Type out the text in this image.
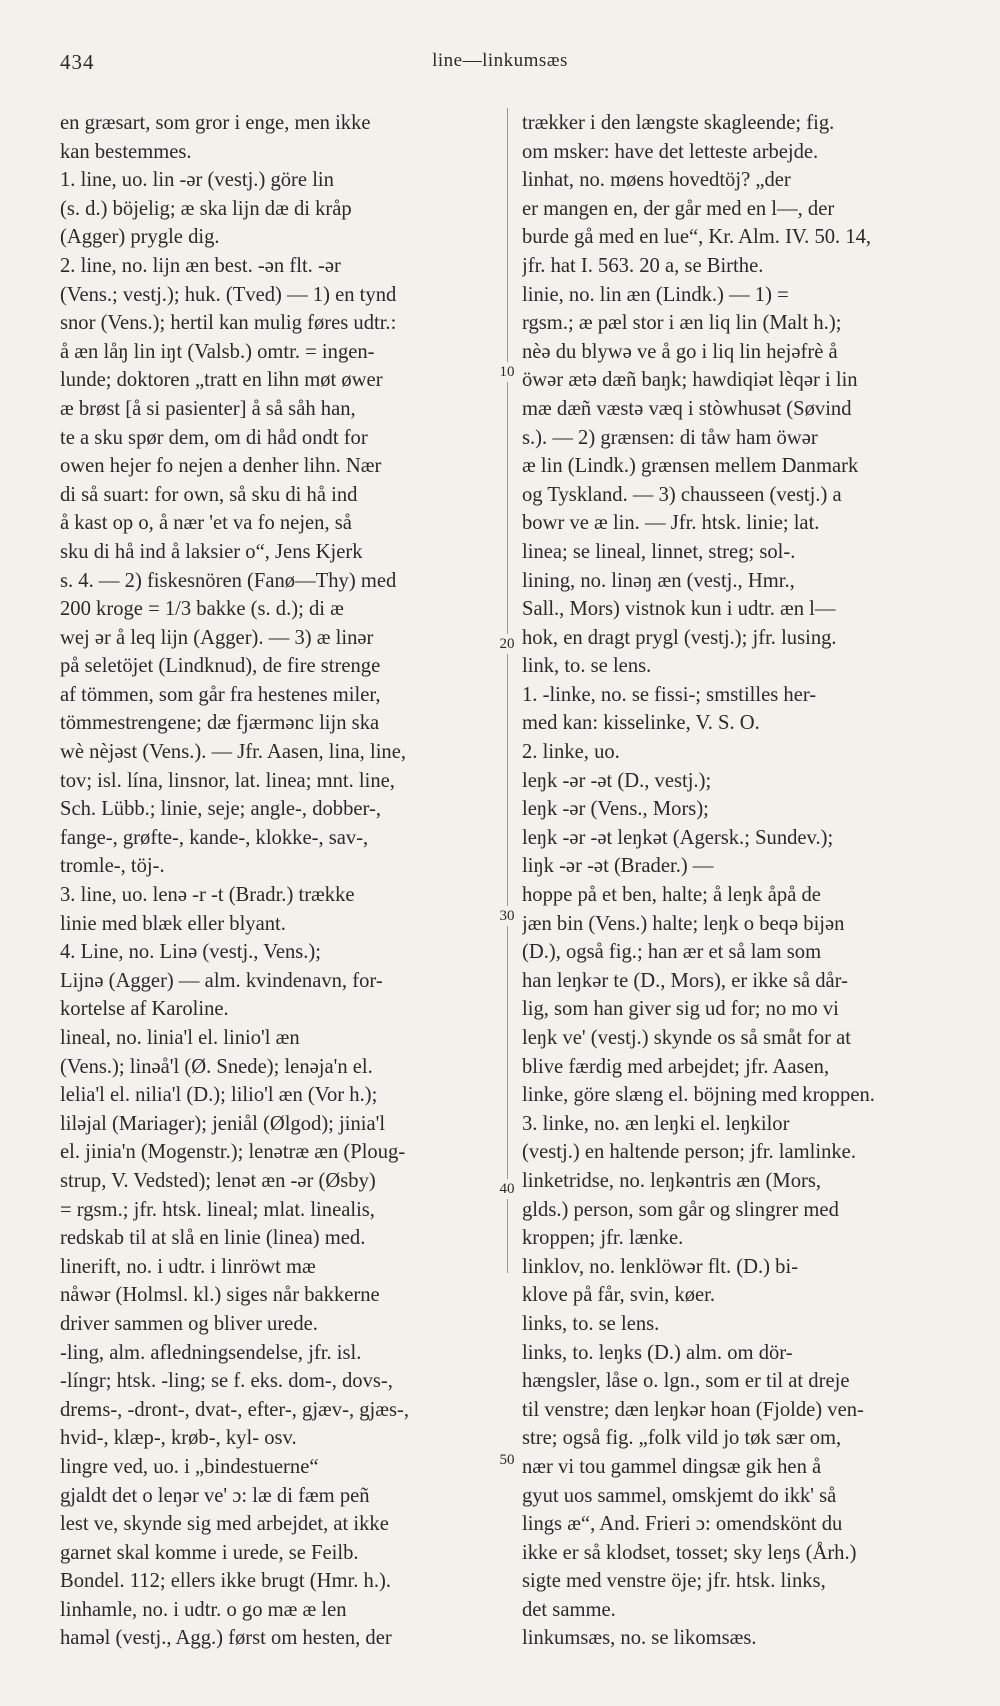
434	line—linkumsæs
10
20
30
40
50

en græsart, som gror i enge, men ikke

kan bestemmes.

1. line, uo. lin -ər (vestj.) göre lin

(s. d.) böjelig; æ ska lijn dæ di kråp

(Agger) prygle dig.

2. line, no. lijn æn best. -ən flt. -ər

(Vens.; vestj.); huk. (Tved) — 1) en tynd

snor (Vens.); hertil kan mulig føres udtr.:

å æn låŋ lin iŋt (Valsb.) omtr. = ingen-

lunde; doktoren „tratt en lihn møt øwer

æ brøst [å si pasienter] å så såh han,

te a sku spør dem, om di håd ondt for

owen hejer fo nejen a denher lihn. Nær

di så suart: for own, så sku di hå ind

å kast op o, å nær 'et va fo nejen, så

sku di hå ind å laksier o“, Jens Kjerk

s. 4. — 2) fiskesnören (Fanø—Thy) med

200 kroge = 1/3 bakke (s. d.); di æ

wej ər å leq lijn (Agger). — 3) æ linər

på seletöjet (Lindknud), de fire strenge

af tömmen, som går fra hestenes miler,

tömmestrengene; dæ fjærmənc lijn ska

wè nèjəst (Vens.). — Jfr. Aasen, lina, line,

tov; isl. lína, linsnor, lat. linea; mnt. line,

Sch. Lübb.; linie, seje; angle-, dobber-,

fange-, grøfte-, kande-, klokke-, sav-,

tromle-, töj-.

3. line, uo. lenə -r -t (Bradr.) trække

linie med blæk eller blyant.

4. Line, no. Linə (vestj., Vens.);

Lijnə (Agger) — alm. kvindenavn, for-

kortelse af Karoline.

lineal, no. linia'l el. linio'l æn

(Vens.); linəå'l (Ø. Snede); lenəja'n el.

lelia'l el. nilia'l (D.); lilio'l æn (Vor h.);

liləjal (Mariager); jeniål (Ølgod); jinia'l

el. jinia'n (Mogenstr.); lenətræ æn (Ploug-

strup, V. Vedsted); lenət æn -ər (Øsby)

= rgsm.; jfr. htsk. lineal; mlat. linealis,

redskab til at slå en linie (linea) med.

linerift, no. i udtr. i linröwt mæ

nåwər (Holmsl. kl.) siges når bakkerne

driver sammen og bliver urede.

-ling, alm. afledningsendelse, jfr. isl.

-língr; htsk. -ling; se f. eks. dom-, dovs-,

drems-, -dront-, dvat-, efter-, gjæv-, gjæs-,

hvid-, klæp-, krøb-, kyl- osv.

lingre ved, uo. i „bindestuerne“

gjaldt det o leŋər ve' ɔ: læ di fæm peñ

lest ve, skynde sig med arbejdet, at ikke

garnet skal komme i urede, se Feilb.

Bondel. 112; ellers ikke brugt (Hmr. h.).

linhamle, no. i udtr. o go mæ æ len

haməl (vestj., Agg.) først om hesten, der

trækker i den længste skagleende; fig.

om msker: have det letteste arbejde.

linhat, no. møens hovedtöj? „der

er mangen en, der går med en l—, der

burde gå med en lue“, Kr. Alm. IV. 50. 14,

jfr. hat I. 563. 20 a, se Birthe.

linie, no. lin æn (Lindk.) — 1) =

rgsm.; æ pæl stor i æn liq lin (Malt h.);

nèə du blywə ve å go i liq lin hejəfrè å

öwər ætə dæñ baŋk; hawdiqiət lèqər i lin

mæ dæñ væstə væq i stòwhusət (Søvind

s.). — 2) grænsen: di tåw ham öwər

æ lin (Lindk.) grænsen mellem Danmark

og Tyskland. — 3) chausseen (vestj.) a

bowr ve æ lin. — Jfr. htsk. linie; lat.

linea; se lineal, linnet, streg; sol-.

lining, no. linəŋ æn (vestj., Hmr.,

Sall., Mors) vistnok kun i udtr. æn l—

hok, en dragt prygl (vestj.); jfr. lusing.

link, to. se lens.

1. -linke, no. se fissi-; smstilles her-

med kan: kisselinke, V. S. O.

2. linke, uo.

leŋk -ər -ət (D., vestj.);

leŋk -ər (Vens., Mors);

leŋk -ər -ət leŋkət (Agersk.; Sundev.);

liŋk -ər -ət (Brader.) —

hoppe på et ben, halte; å leŋk åpå de

jæn bin (Vens.) halte; leŋk o beqə bijən

(D.), også fig.; han ær et så lam som

han leŋkər te (D., Mors), er ikke så dår-

lig, som han giver sig ud for; no mo vi

leŋk ve' (vestj.) skynde os så småt for at

blive færdig med arbejdet; jfr. Aasen,

linke, göre slæng el. böjning med kroppen.

3. linke, no. æn leŋki el. leŋkilor

(vestj.) en haltende person; jfr. lamlinke.

linketridse, no. leŋkəntris æn (Mors,

glds.) person, som går og slingrer med

kroppen; jfr. lænke.

linklov, no. lenklöwər flt. (D.) bi-

klove på får, svin, køer.

links, to. se lens.

links, to. leŋks (D.) alm. om dör-

hængsler, låse o. lgn., som er til at dreje

til venstre; dæn leŋkər hoan (Fjolde) ven-

stre; også fig. „folk vild jo tøk sær om,

nær vi tou gammel dingsæ gik hen å

gyut uos sammel, omskjemt do ikk' så

lings æ“, And. Frieri ɔ: omendskönt du

ikke er så klodset, tosset; sky leŋs (Årh.)

sigte med venstre öje; jfr. htsk. links,

det samme.

linkumsæs, no. se likomsæs.
